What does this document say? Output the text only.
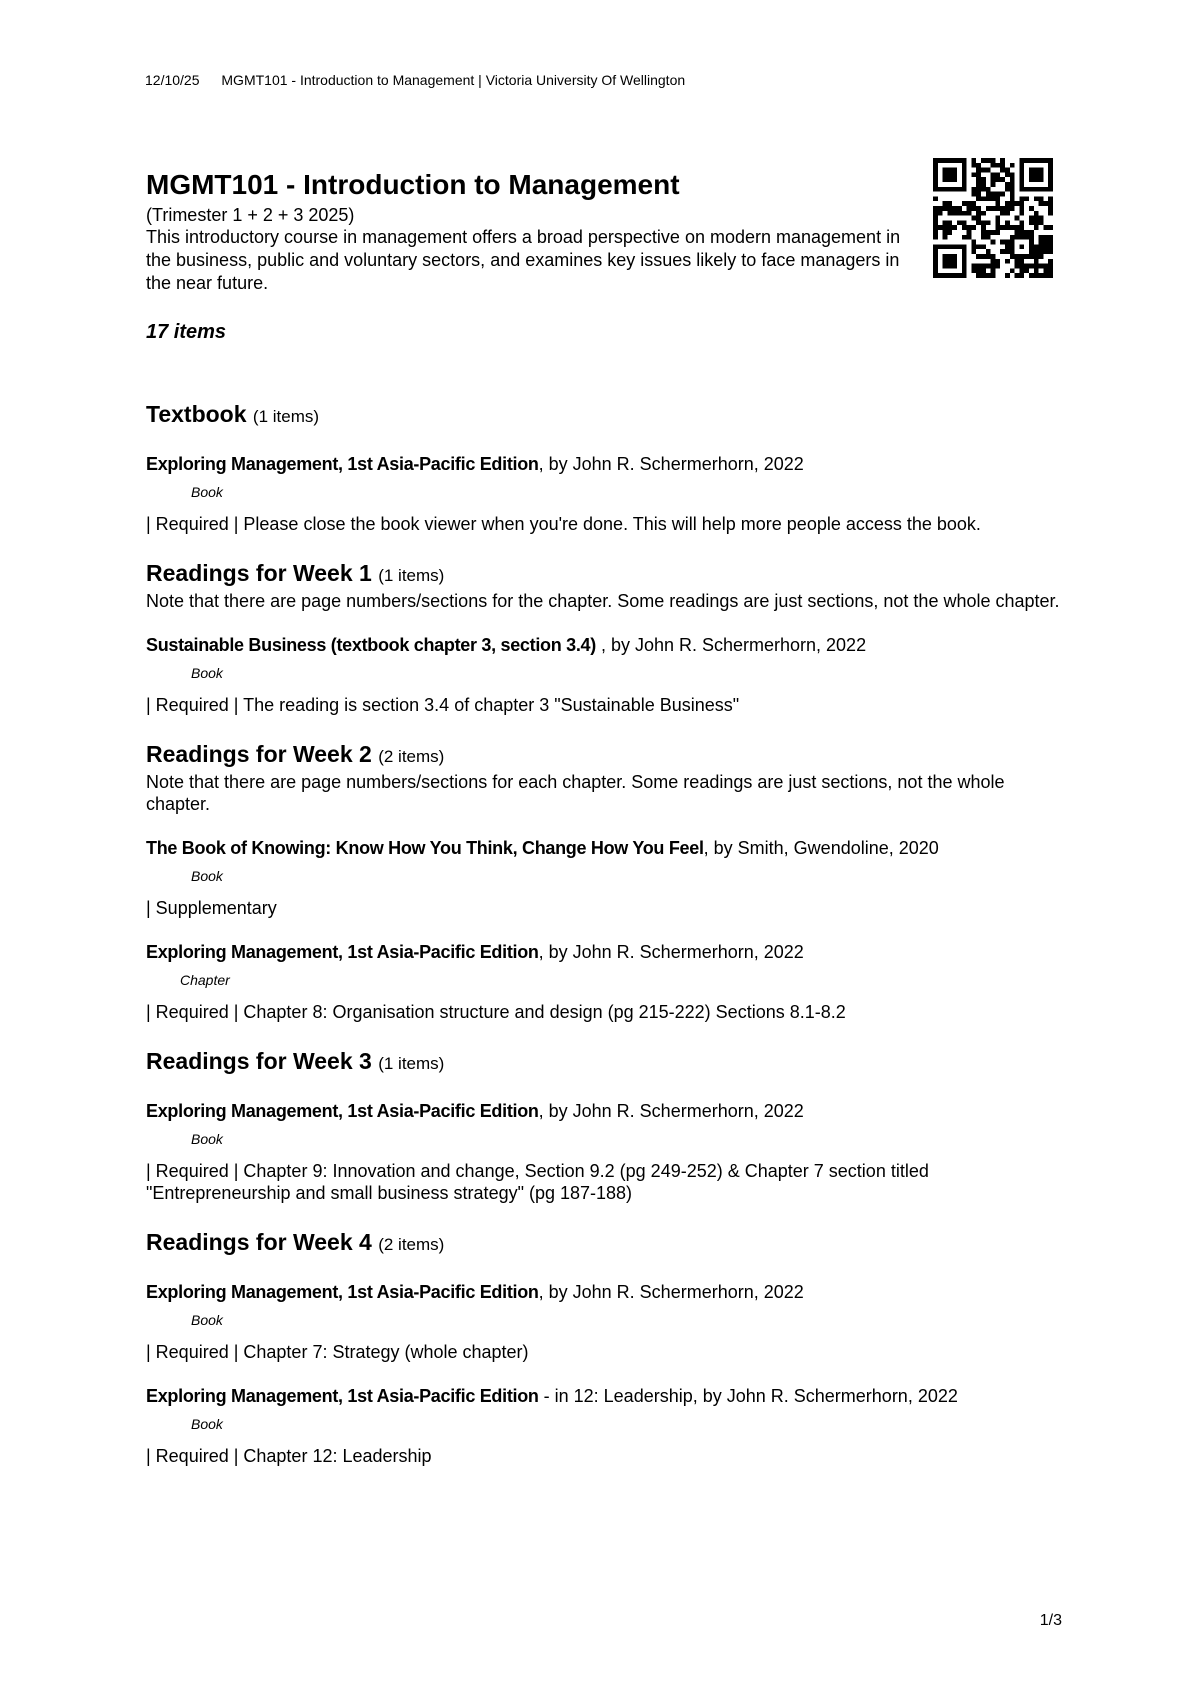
12/10/25 MGMT101 - Introduction to Management | Victoria University Of Wellington
MGMT101 - Introduction to Management
(Trimester 1 + 2 + 3 2025)
This introductory course in management offers a broad perspective on modern management in the business, public and voluntary sectors, and examines key issues likely to face managers in the near future.
17 items
Textbook (1 items)
Exploring Management, 1st Asia-Pacific Edition, by John R. Schermerhorn, 2022
Book
| Required | Please close the book viewer when you're done. This will help more people access the book.
Readings for Week 1 (1 items)
Note that there are page numbers/sections for the chapter. Some readings are just sections, not the whole chapter.
Sustainable Business (textbook chapter 3, section 3.4) , by John R. Schermerhorn, 2022
Book
| Required | The reading is section 3.4 of chapter 3 "Sustainable Business"
Readings for Week 2 (2 items)
Note that there are page numbers/sections for each chapter. Some readings are just sections, not the whole chapter.
The Book of Knowing: Know How You Think, Change How You Feel, by Smith, Gwendoline, 2020
Book
| Supplementary
Exploring Management, 1st Asia-Pacific Edition, by John R. Schermerhorn, 2022
Chapter
| Required | Chapter 8: Organisation structure and design (pg 215-222) Sections 8.1-8.2
Readings for Week 3 (1 items)
Exploring Management, 1st Asia-Pacific Edition, by John R. Schermerhorn, 2022
Book
| Required | Chapter 9: Innovation and change, Section 9.2 (pg 249-252) & Chapter 7 section titled "Entrepreneurship and small business strategy" (pg 187-188)
Readings for Week 4 (2 items)
Exploring Management, 1st Asia-Pacific Edition, by John R. Schermerhorn, 2022
Book
| Required | Chapter 7: Strategy (whole chapter)
Exploring Management, 1st Asia-Pacific Edition - in 12: Leadership, by John R. Schermerhorn, 2022
Book
| Required | Chapter 12: Leadership
1/3
